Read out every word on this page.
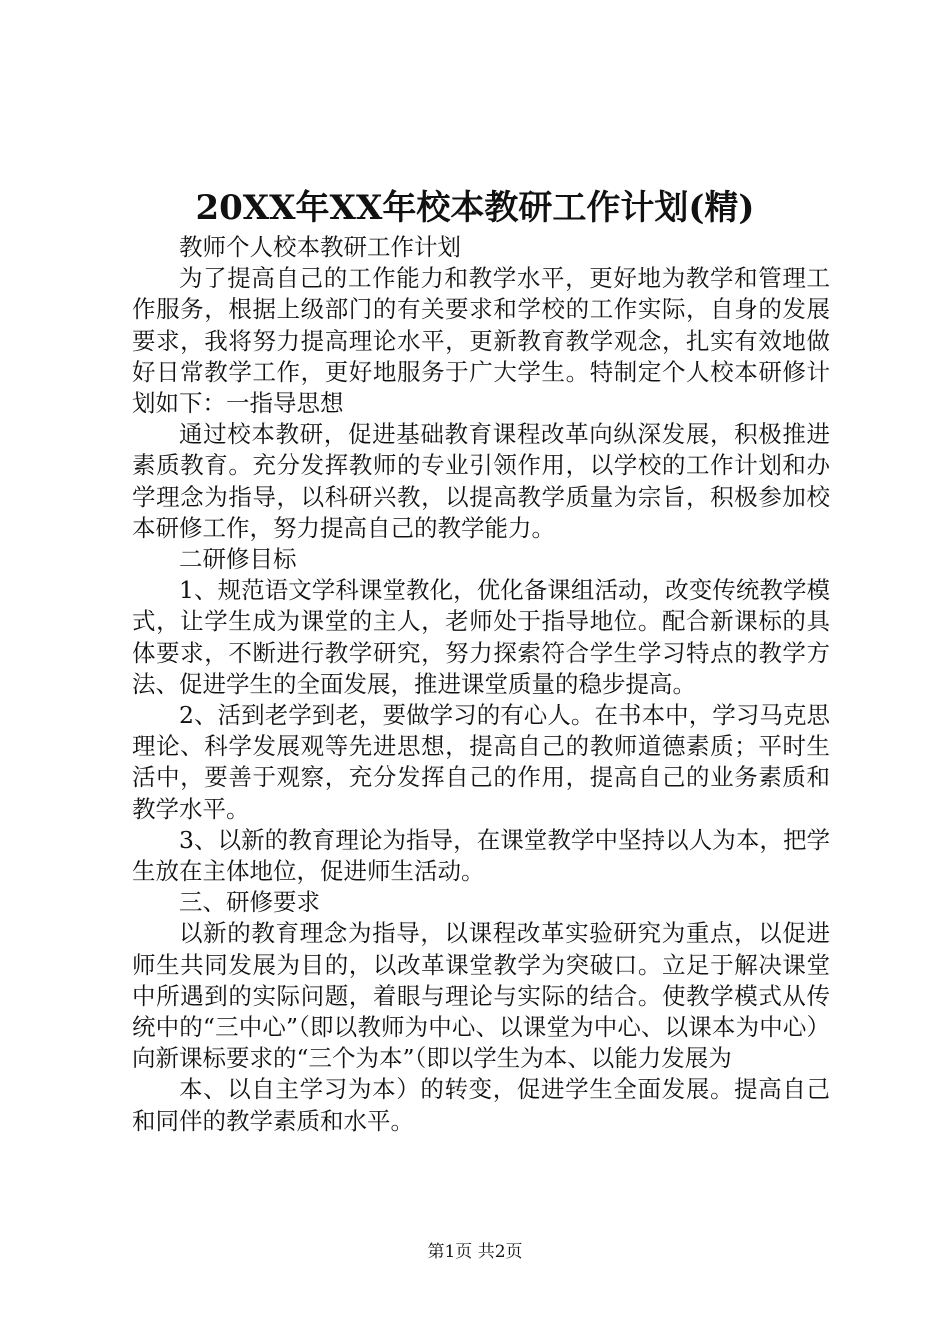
20XX年XX年校本教研工作计划(精)

教师个人校本教研工作计划

为了提高自己的工作能力和教学水平，更好地为教学和管理工作服务，根据上级部门的有关要求和学校的工作实际，自身的发展要求，我将努力提高理论水平，更新教育教学观念，扎实有效地做好日常教学工作，更好地服务于广大学生。特制定个人校本研修计划如下：一指导思想

通过校本教研，促进基础教育课程改革向纵深发展，积极推进素质教育。充分发挥教师的专业引领作用，以学校的工作计划和办学理念为指导，以科研兴教，以提高教学质量为宗旨，积极参加校本研修工作，努力提高自己的教学能力。

二研修目标

1、规范语文学科课堂教化，优化备课组活动，改变传统教学模式，让学生成为课堂的主人，老师处于指导地位。配合新课标的具体要求，不断进行教学研究，努力探索符合学生学习特点的教学方法、促进学生的全面发展，推进课堂质量的稳步提高。

2、活到老学到老，要做学习的有心人。在书本中，学习马克思理论、科学发展观等先进思想，提高自己的教师道德素质；平时生活中，要善于观察，充分发挥自己的作用，提高自己的业务素质和教学水平。

3、以新的教育理论为指导，在课堂教学中坚持以人为本，把学生放在主体地位，促进师生活动。

三、研修要求

以新的教育理念为指导，以课程改革实验研究为重点，以促进师生共同发展为目的，以改革课堂教学为突破口。立足于解决课堂中所遇到的实际问题，着眼与理论与实际的结合。使教学模式从传统中的“三中心”（即以教师为中心、以课堂为中心、以课本为中心）向新课标要求的“三个为本”（即以学生为本、以能力发展为

本、以自主学习为本）的转变，促进学生全面发展。提高自己和同伴的教学素质和水平。

第1页 共2页
